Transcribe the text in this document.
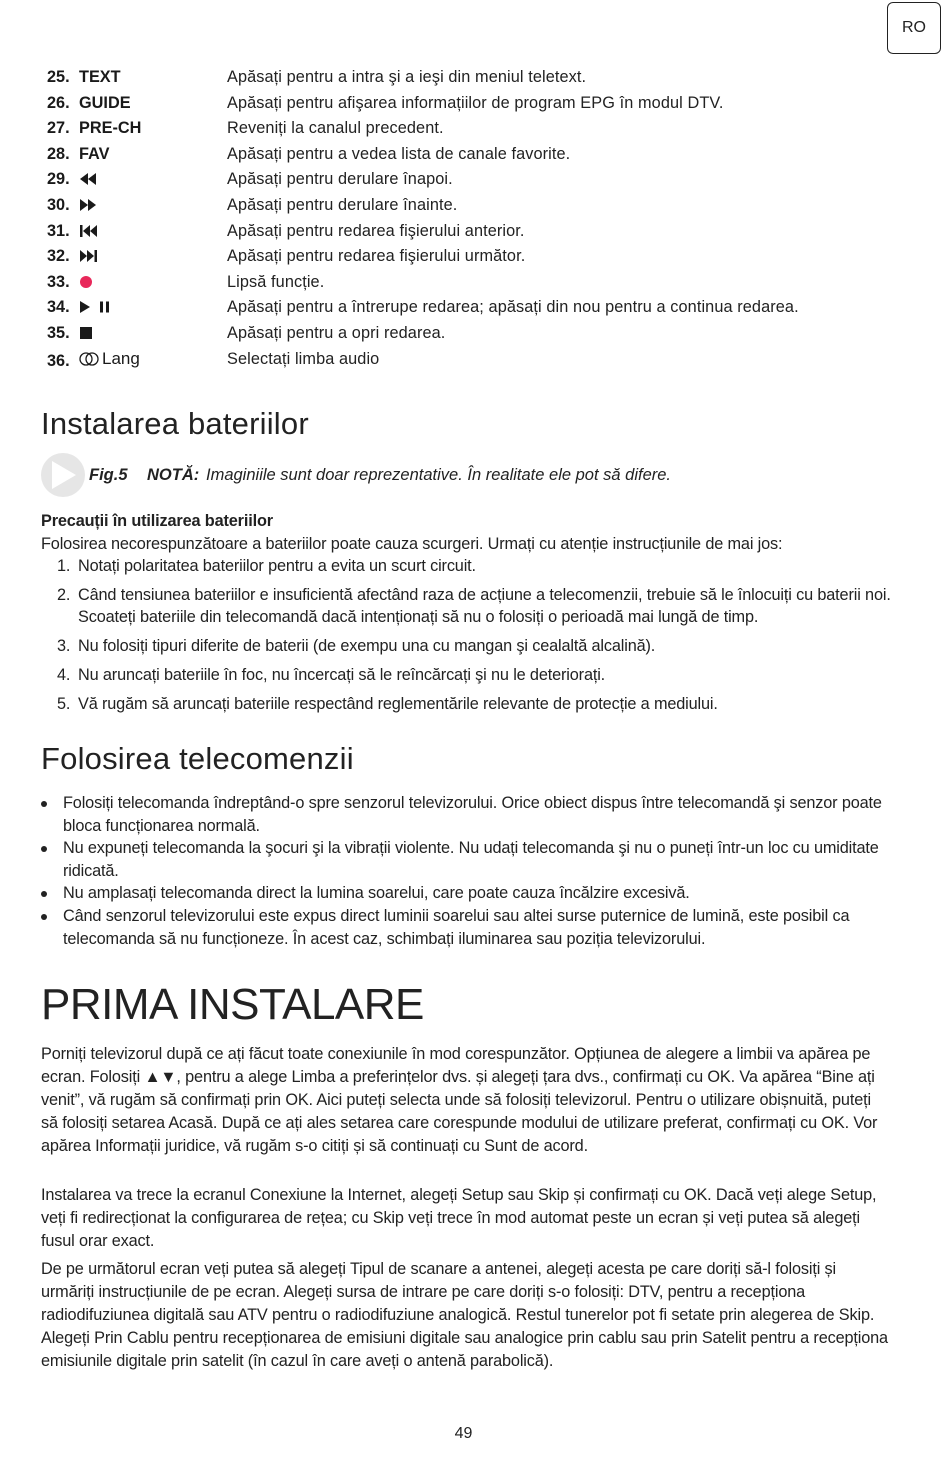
RO
25. TEXT	Apăsați pentru a intra şi a ieşi din meniul teletext.
26. GUIDE	Apăsați pentru afişarea informațiilor de program EPG în modul DTV.
27. PRE-CH	Reveniți la canalul precedent.
28. FAV	Apăsați pentru a vedea lista de canale favorite.
29.	Apăsați pentru derulare înapoi.
30.	Apăsați pentru derulare înainte.
31.	Apăsați pentru redarea fişierului anterior.
32.	Apăsați pentru redarea fişierului următor.
33.	Lipsă funcție.
34.	Apăsați pentru a întrerupe redarea; apăsați din nou pentru a continua redarea.
35.	Apăsați pentru a opri redarea.
36. Lang	Selectați limba audio
Instalarea bateriilor
Fig.5 NOTĂ: Imaginiile sunt doar reprezentative. În realitate ele pot să difere.

Precauții în utilizarea bateriilor

Folosirea necorespunzătoare a bateriilor poate cauza scurgeri. Urmați cu atenție instrucțiunile de mai jos:

1. Notați polaritatea bateriilor pentru a evita un scurt circuit.
2. Când tensiunea bateriilor e insuficientă afectând raza de acțiune a telecomenzii, trebuie să le înlocuiți cu baterii noi. Scoateți bateriile din telecomandă dacă intenționați să nu o folosiți o perioadă mai lungă de timp.
3. Nu folosiți tipuri diferite de baterii (de exempu una cu mangan şi cealaltă alcalină).
4. Nu aruncați bateriile în foc, nu încercați să le reîncărcați şi nu le deteriorați.
5. Vă rugăm să aruncați bateriile respectând reglementările relevante de protecție a mediului.
Folosirea telecomenzii
Folosiți telecomanda îndreptând-o spre senzorul televizorului. Orice obiect dispus între telecomandă şi senzor poate bloca funcționarea normală.
Nu expuneți telecomanda la şocuri şi la vibrații violente. Nu udați telecomanda şi nu o puneți într-un loc cu umiditate ridicată.
Nu amplasați telecomanda direct la lumina soarelui, care poate cauza încălzire excesivă.
Când senzorul televizorului este expus direct luminii soarelui sau altei surse puternice de lumină, este posibil ca telecomanda să nu funcționeze. În acest caz, schimbați iluminarea sau poziția televizorului.
PRIMA INSTALARE

Porniți televizorul după ce ați făcut toate conexiunile în mod corespunzător. Opțiunea de alegere a limbii va apărea pe ecran. Folosiți ▲▼, pentru a alege Limba a preferințelor dvs. și alegeți țara dvs., confirmați cu OK. Va apărea “Bine ați venit”, vă rugăm să confirmați prin OK. Aici puteți selecta unde să folosiți televizorul. Pentru o utilizare obișnuită, puteți să folosiți setarea Acasă. După ce ați ales setarea care corespunde modului de utilizare preferat, confirmați cu OK. Vor apărea Informații juridice, vă rugăm s-o citiți și să continuați cu Sunt de acord.

Instalarea va trece la ecranul Conexiune la Internet, alegeți Setup sau Skip și confirmați cu OK. Dacă veți alege Setup, veți fi redirecționat la configurarea de rețea; cu Skip veți trece în mod automat peste un ecran și veți putea să alegeți fusul orar exact.

De pe următorul ecran veți putea să alegeți Tipul de scanare a antenei, alegeți acesta pe care doriți să-l folosiți și urmăriți instrucțiunile de pe ecran. Alegeți sursa de intrare pe care doriți s-o folosiți: DTV, pentru a recepționa radiodifuziunea digitală sau ATV pentru o radiodifuziune analogică. Restul tunerelor pot fi setate prin alegerea de Skip. Alegeți Prin Cablu pentru recepționarea de emisiuni digitale sau analogice prin cablu sau prin Satelit pentru a recepționa emisiunile digitale prin satelit (în cazul în care aveți o antenă parabolică).

49
